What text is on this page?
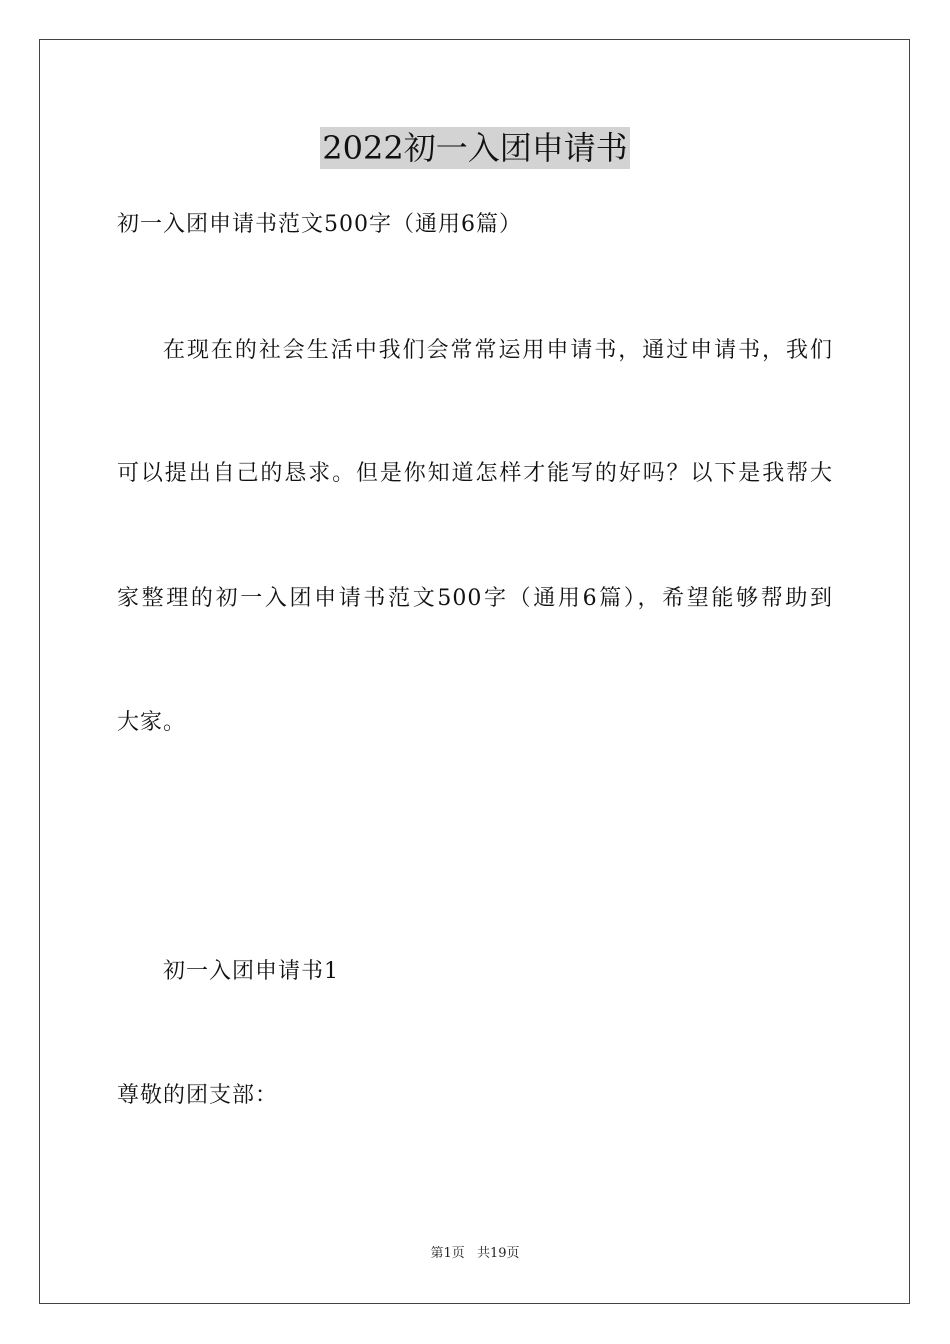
2022初一入团申请书
初一入团申请书范文500字（通用6篇）
在现在的社会生活中我们会常常运用申请书，通过申请书，我们
可以提出自己的恳求。但是你知道怎样才能写的好吗？以下是我帮大
家整理的初一入团申请书范文500字（通用6篇），希望能够帮助到
大家。
初一入团申请书1
尊敬的团支部：
第1页 共19页
